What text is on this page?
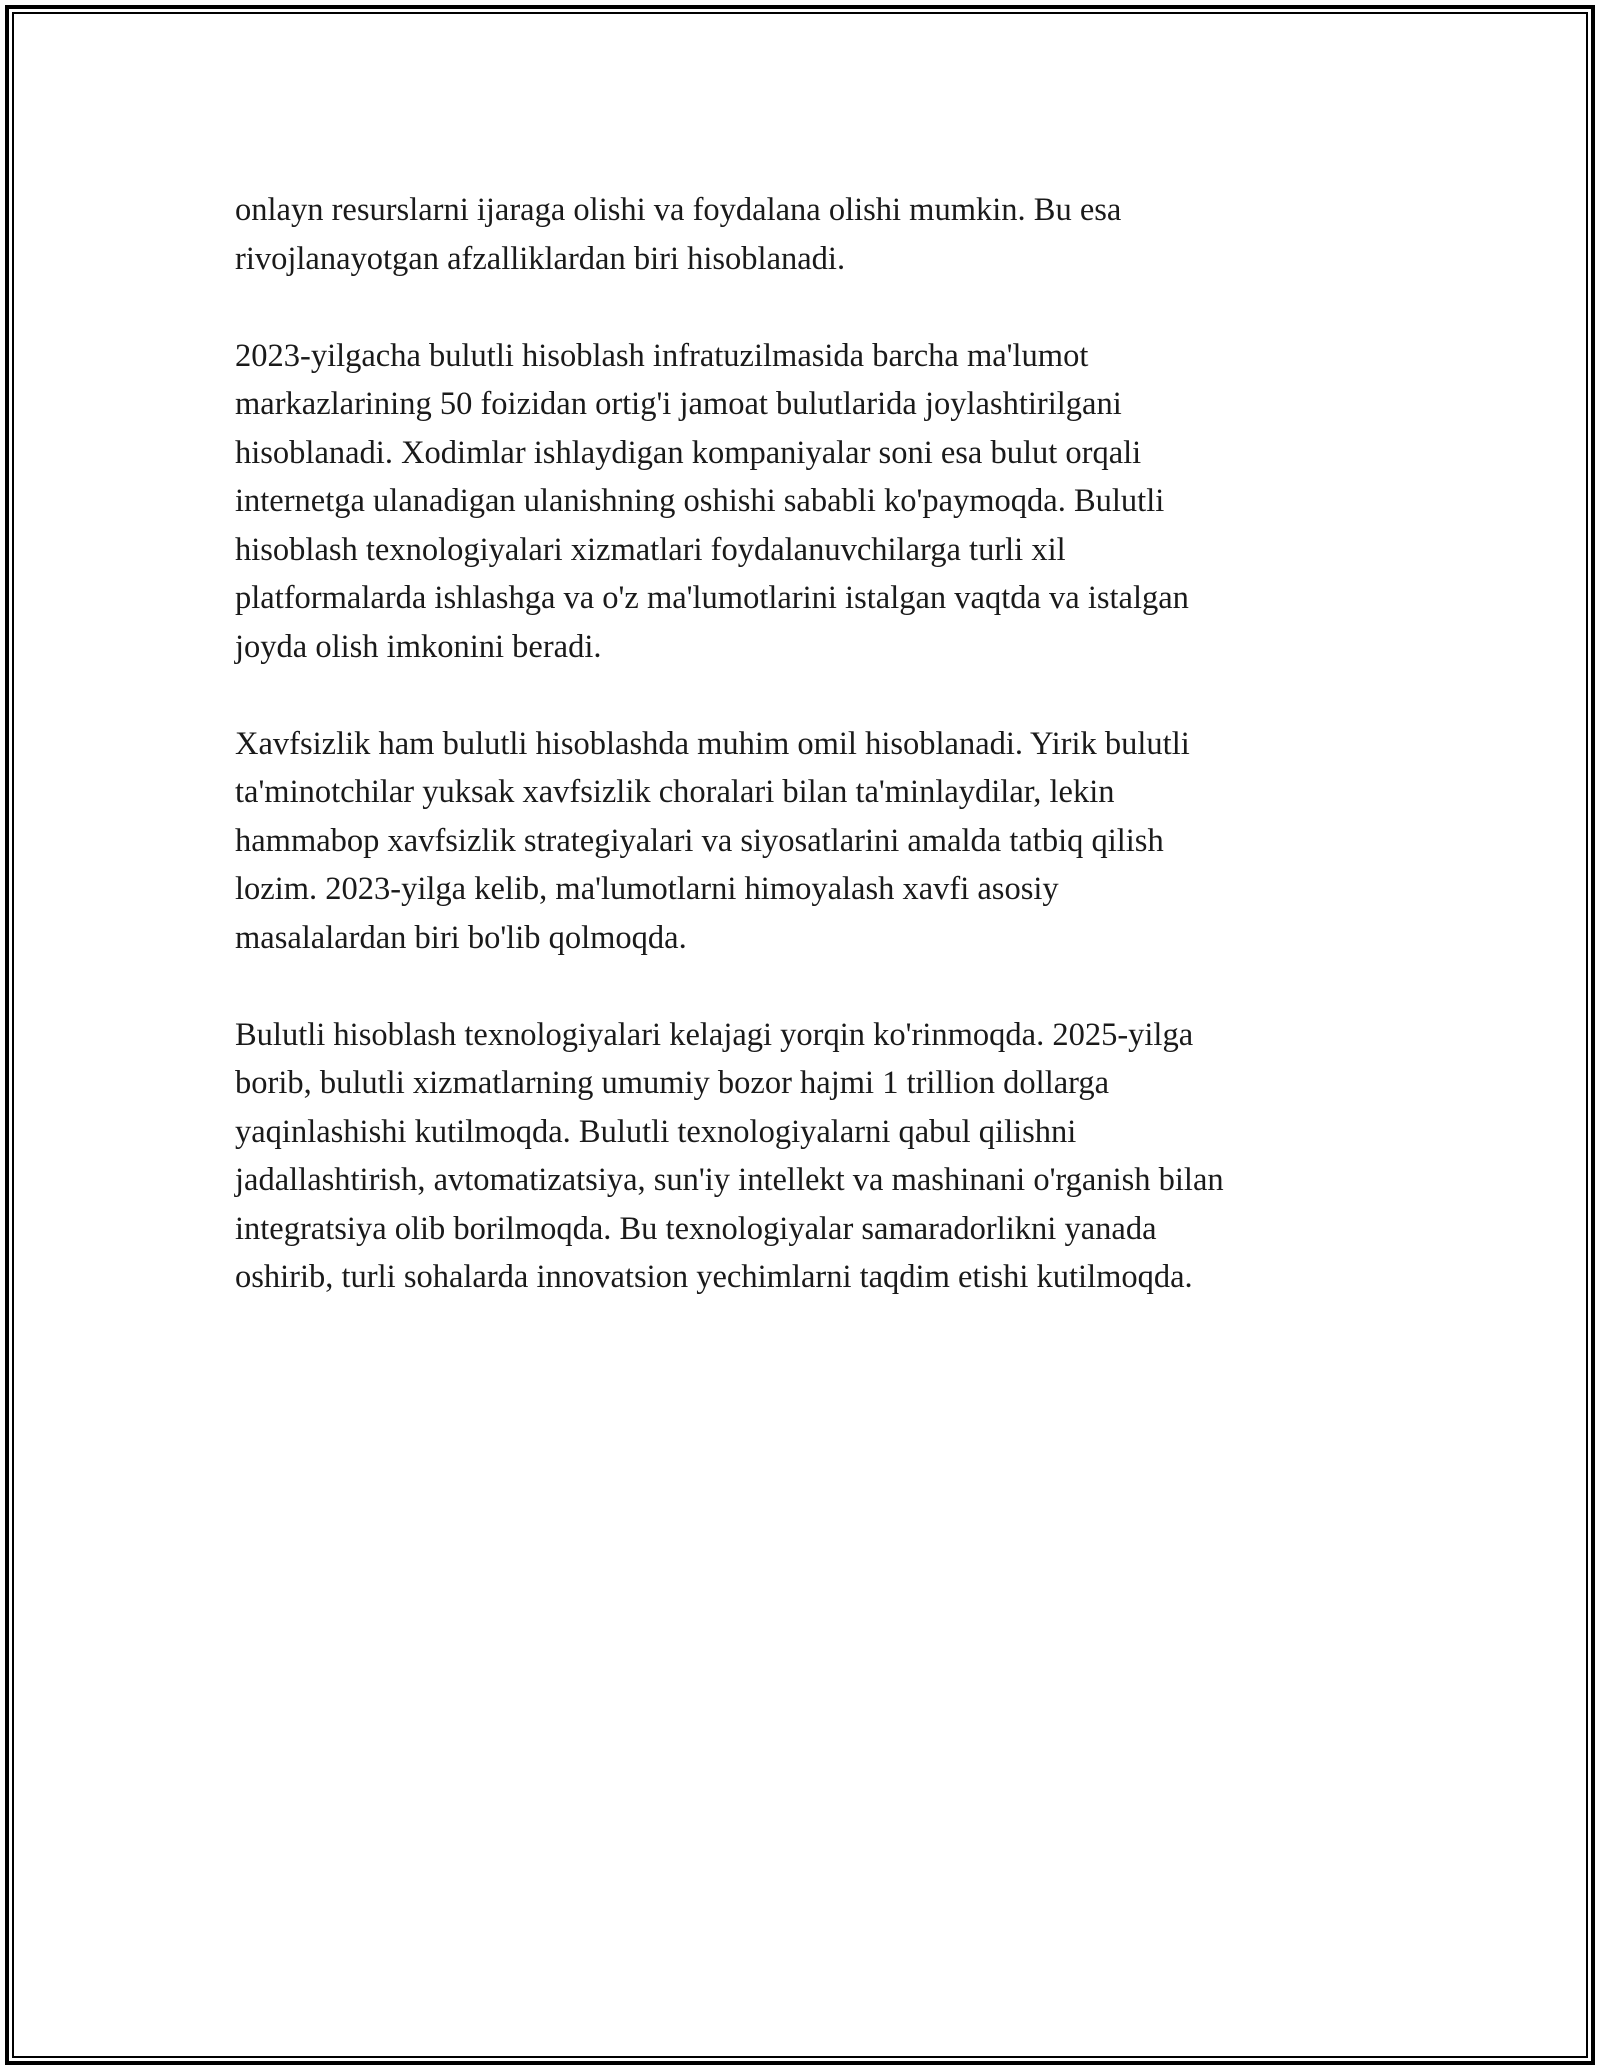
onlayn resurslarni ijaraga olishi va foydalana olishi mumkin. Bu esa
rivojlanayotgan afzalliklardan biri hisoblanadi.

2023-yilgacha bulutli hisoblash infratuzilmasida barcha ma'lumot
markazlarining 50 foizidan ortig'i jamoat bulutlarida joylashtirilgani
hisoblanadi. Xodimlar ishlaydigan kompaniyalar soni esa bulut orqali
internetga ulanadigan ulanishning oshishi sababli ko'paymoqda. Bulutli
hisoblash texnologiyalari xizmatlari foydalanuvchilarga turli xil
platformalarda ishlashga va o'z ma'lumotlarini istalgan vaqtda va istalgan
joyda olish imkonini beradi.

Xavfsizlik ham bulutli hisoblashda muhim omil hisoblanadi. Yirik bulutli
ta'minotchilar yuksak xavfsizlik choralari bilan ta'minlaydilar, lekin
hammabop xavfsizlik strategiyalari va siyosatlarini amalda tatbiq qilish
lozim. 2023-yilga kelib, ma'lumotlarni himoyalash xavfi asosiy
masalalardan biri bo'lib qolmoqda.

Bulutli hisoblash texnologiyalari kelajagi yorqin ko'rinmoqda. 2025-yilga
borib, bulutli xizmatlarning umumiy bozor hajmi 1 trillion dollarga
yaqinlashishi kutilmoqda. Bulutli texnologiyalarni qabul qilishni
jadallashtirish, avtomatizatsiya, sun'iy intellekt va mashinani o'rganish bilan
integratsiya olib borilmoqda. Bu texnologiyalar samaradorlikni yanada
oshirib, turli sohalarda innovatsion yechimlarni taqdim etishi kutilmoqda.
